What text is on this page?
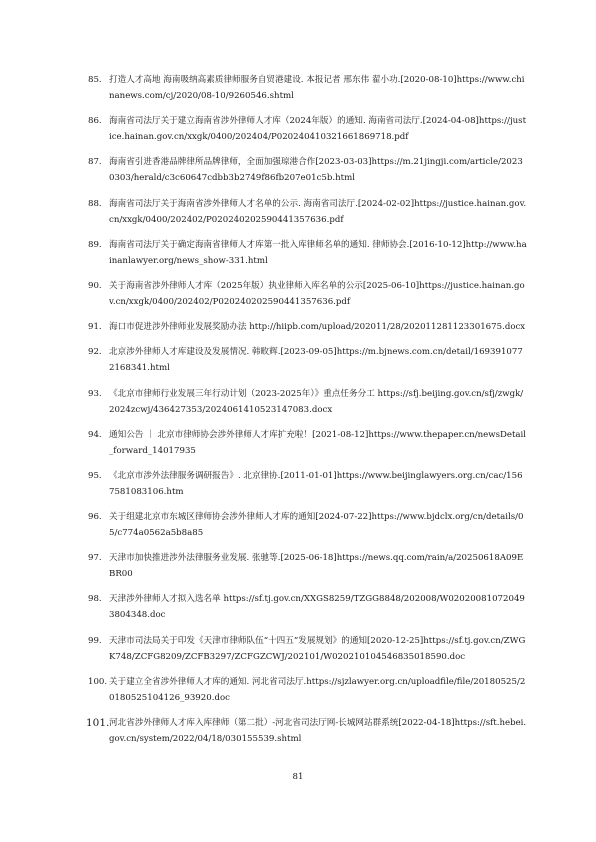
85. 打造人才高地 海南吸纳高素质律师服务自贸港建设. 本报记者 邢东伟 翟小功.[2020-08-10]https://www.chinanews.com/cj/2020/08-10/9260546.shtml
86. 海南省司法厅关于建立海南省涉外律师人才库（2024年版）的通知. 海南省司法厅.[2024-04-08]https://justice.hainan.gov.cn/xxgk/0400/202404/P020240410321661869718.pdf
87. 海南省引进香港品牌律所品牌律师，全面加强琼港合作[2023-03-03]https://m.21jingji.com/article/20230303/herald/c3c60647cdbb3b2749f86fb207e01c5b.html
88. 海南省司法厅关于海南省涉外律师人才名单的公示. 海南省司法厅.[2024-02-02]https://justice.hainan.gov.cn/xxgk/0400/202402/P020240202590441357636.pdf
89. 海南省司法厅关于确定海南省律师人才库第一批入库律师名单的通知. 律师协会.[2016-10-12]http://www.hainanlawyer.org/news_show-331.html
90. 关于海南省涉外律师人才库（2025年版）执业律师入库名单的公示[2025-06-10]https://justice.hainan.gov.cn/xxgk/0400/202402/P020240202590441357636.pdf
91. 海口市促进涉外律师业发展奖励办法 http://hiipb.com/upload/202011/28/202011281123301675.docx
92. 北京涉外律师人才库建设及发展情况. 韩畋辉.[2023-09-05]https://m.bjnews.com.cn/detail/1693910772168341.html
93. 《北京市律师行业发展三年行动计划（2023-2025年）》重点任务分工 https://sfj.beijing.gov.cn/sfj/zwgk/2024zcwj/436427353/2024061410523147083.docx
94. 通知公告 ｜ 北京市律师协会涉外律师人才库扩充啦！[2021-08-12]https://www.thepaper.cn/newsDetail_forward_14017935
95. 《北京市涉外法律服务调研报告》. 北京律协.[2011-01-01]https://www.beijinglawyers.org.cn/cac/1567581083106.htm
96. 关于组建北京市东城区律师协会涉外律师人才库的通知[2024-07-22]https://www.bjdclx.org/cn/details/05/c774a0562a5b8a85
97. 天津市加快推进涉外法律服务业发展. 张驰等.[2025-06-18]https://news.qq.com/rain/a/20250618A09EBR00
98. 天津涉外律师人才拟入选名单 https://sf.tj.gov.cn/XXGS8259/TZGG8848/202008/W020200810720493804348.doc
99. 天津市司法局关于印发《天津市律师队伍“十四五”发展规划》的通知[2020-12-25]https://sf.tj.gov.cn/ZWGK748/ZCFG8209/ZCFB3297/ZCFGZCWJ/202101/W020210104546835018590.doc
100. 关于建立全省涉外律师人才库的通知. 河北省司法厅.https://sjzlawyer.org.cn/uploadfile/file/20180525/20180525104126_93920.doc
101. 河北省涉外律师人才库入库律师（第二批）-河北省司法厅网-长城网站群系统[2022-04-18]https://sft.hebei.gov.cn/system/2022/04/18/030155539.shtml
81
